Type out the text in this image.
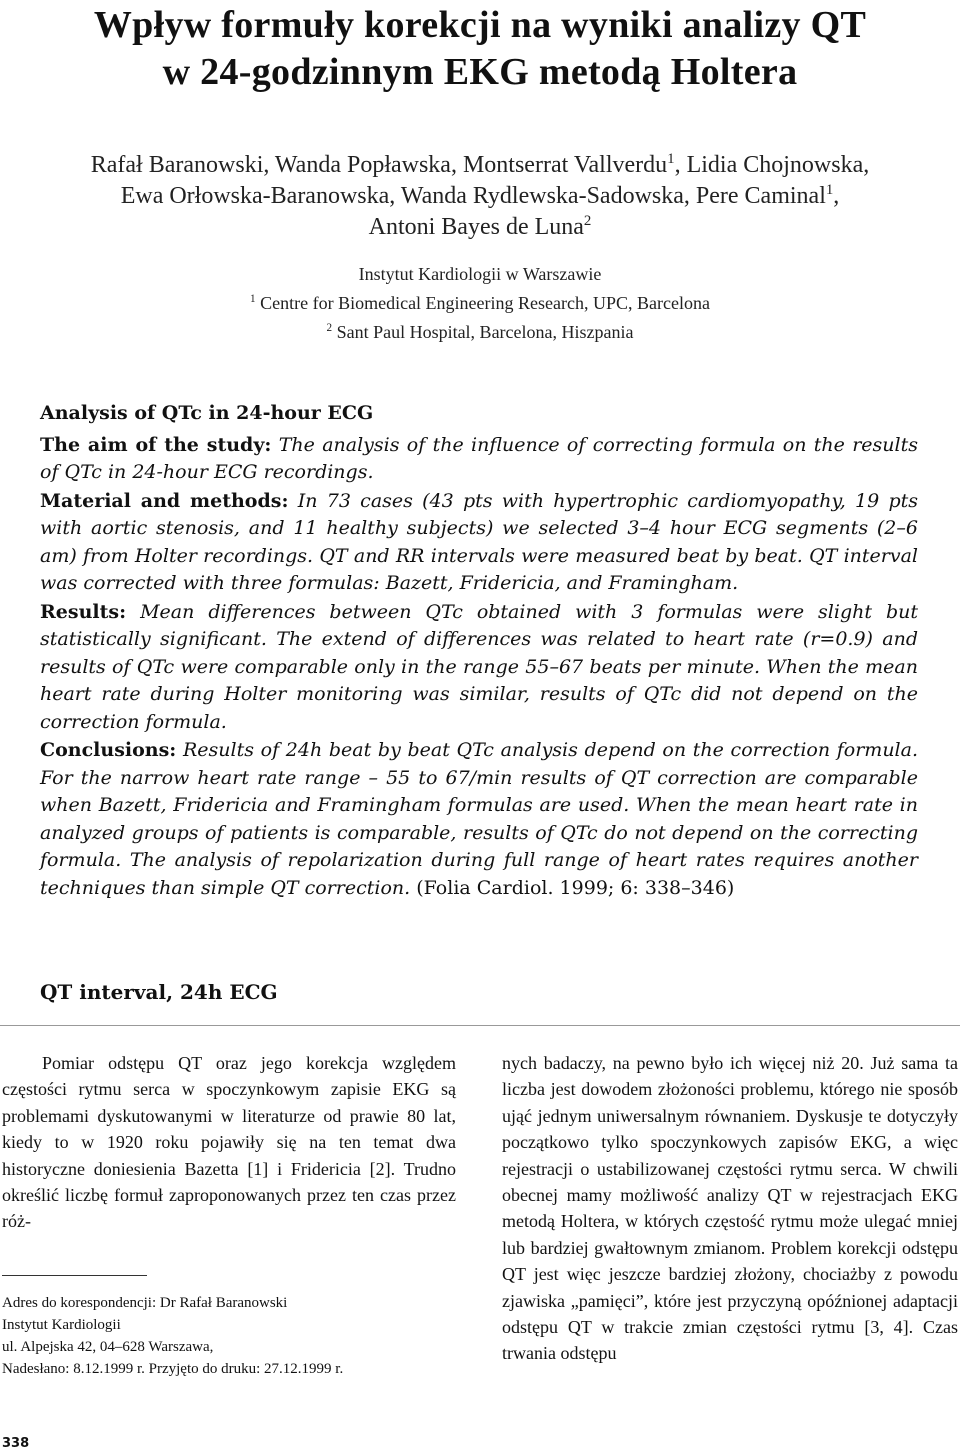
Wpływ formuły korekcji na wyniki analizy QT
w 24-godzinnym EKG metodą Holtera
Rafał Baranowski, Wanda Popławska, Montserrat Vallverdu$^1$, Lidia Chojnowska,
Ewa Orłowska-Baranowska, Wanda Rydlewska-Sadowska, Pere Caminal$^1$,
Antoni Bayes de Luna$^2$
Instytut Kardiologii w Warszawie
$^1$ Centre for Biomedical Engineering Research, UPC, Barcelona
$^2$ Sant Paul Hospital, Barcelona, Hiszpania
Analysis of QTc in 24-hour ECG

The aim of the study: The analysis of the influence of correcting formula on the results of QTc in 24-hour ECG recordings.

Material and methods: In 73 cases (43 pts with hypertrophic cardiomyopathy, 19 pts with aortic stenosis, and 11 healthy subjects) we selected 3–4 hour ECG segments (2–6 am) from Holter recordings. QT and RR intervals were measured beat by beat. QT interval was corrected with three formulas: Bazett, Fridericia, and Framingham.

Results: Mean differences between QTc obtained with 3 formulas were slight but statistically significant. The extend of differences was related to heart rate (r=0.9) and results of QTc were comparable only in the range 55–67 beats per minute. When the mean heart rate during Holter monitoring was similar, results of QTc did not depend on the correction formula.

Conclusions: Results of 24h beat by beat QTc analysis depend on the correction formula. For the narrow heart rate range – 55 to 67/min results of QT correction are comparable when Bazett, Fridericia and Framingham formulas are used. When the mean heart rate in analyzed groups of patients is comparable, results of QTc do not depend on the correcting formula. The analysis of repolarization during full range of heart rates requires another techniques than simple QT correction. (Folia Cardiol. 1999; 6: 338–346)

QT interval, 24h ECG
Pomiar odstępu QT oraz jego korekcja względem częstości rytmu serca w spoczynkowym zapisie EKG są problemami dyskutowanymi w literaturze od prawie 80 lat, kiedy to w 1920 roku pojawiły się na ten temat dwa historyczne doniesienia Bazetta [1] i Fridericia [2]. Trudno określić liczbę formuł zaproponowanych przez ten czas przez róż-
nych badaczy, na pewno było ich więcej niż 20. Już sama ta liczba jest dowodem złożoności problemu, którego nie sposób ująć jednym uniwersalnym równaniem. Dyskusje te dotyczyły początkowo tylko spoczynkowych zapisów EKG, a więc rejestracji o ustabilizowanej częstości rytmu serca. W chwili obecnej mamy możliwość analizy QT w rejestracjach EKG metodą Holtera, w których częstość rytmu może ulegać mniej lub bardziej gwałtownym zmianom. Problem korekcji odstępu QT jest więc jeszcze bardziej złożony, chociażby z powodu zjawiska „pamięci”, które jest przyczyną opóźnionej adaptacji odstępu QT w trakcie zmian częstości rytmu [3, 4]. Czas trwania odstępu
Adres do korespondencji: Dr Rafał Baranowski
Instytut Kardiologii
ul. Alpejska 42, 04–628 Warszawa,
Nadesłano: 8.12.1999 r. Przyjęto do druku: 27.12.1999 r.
338
